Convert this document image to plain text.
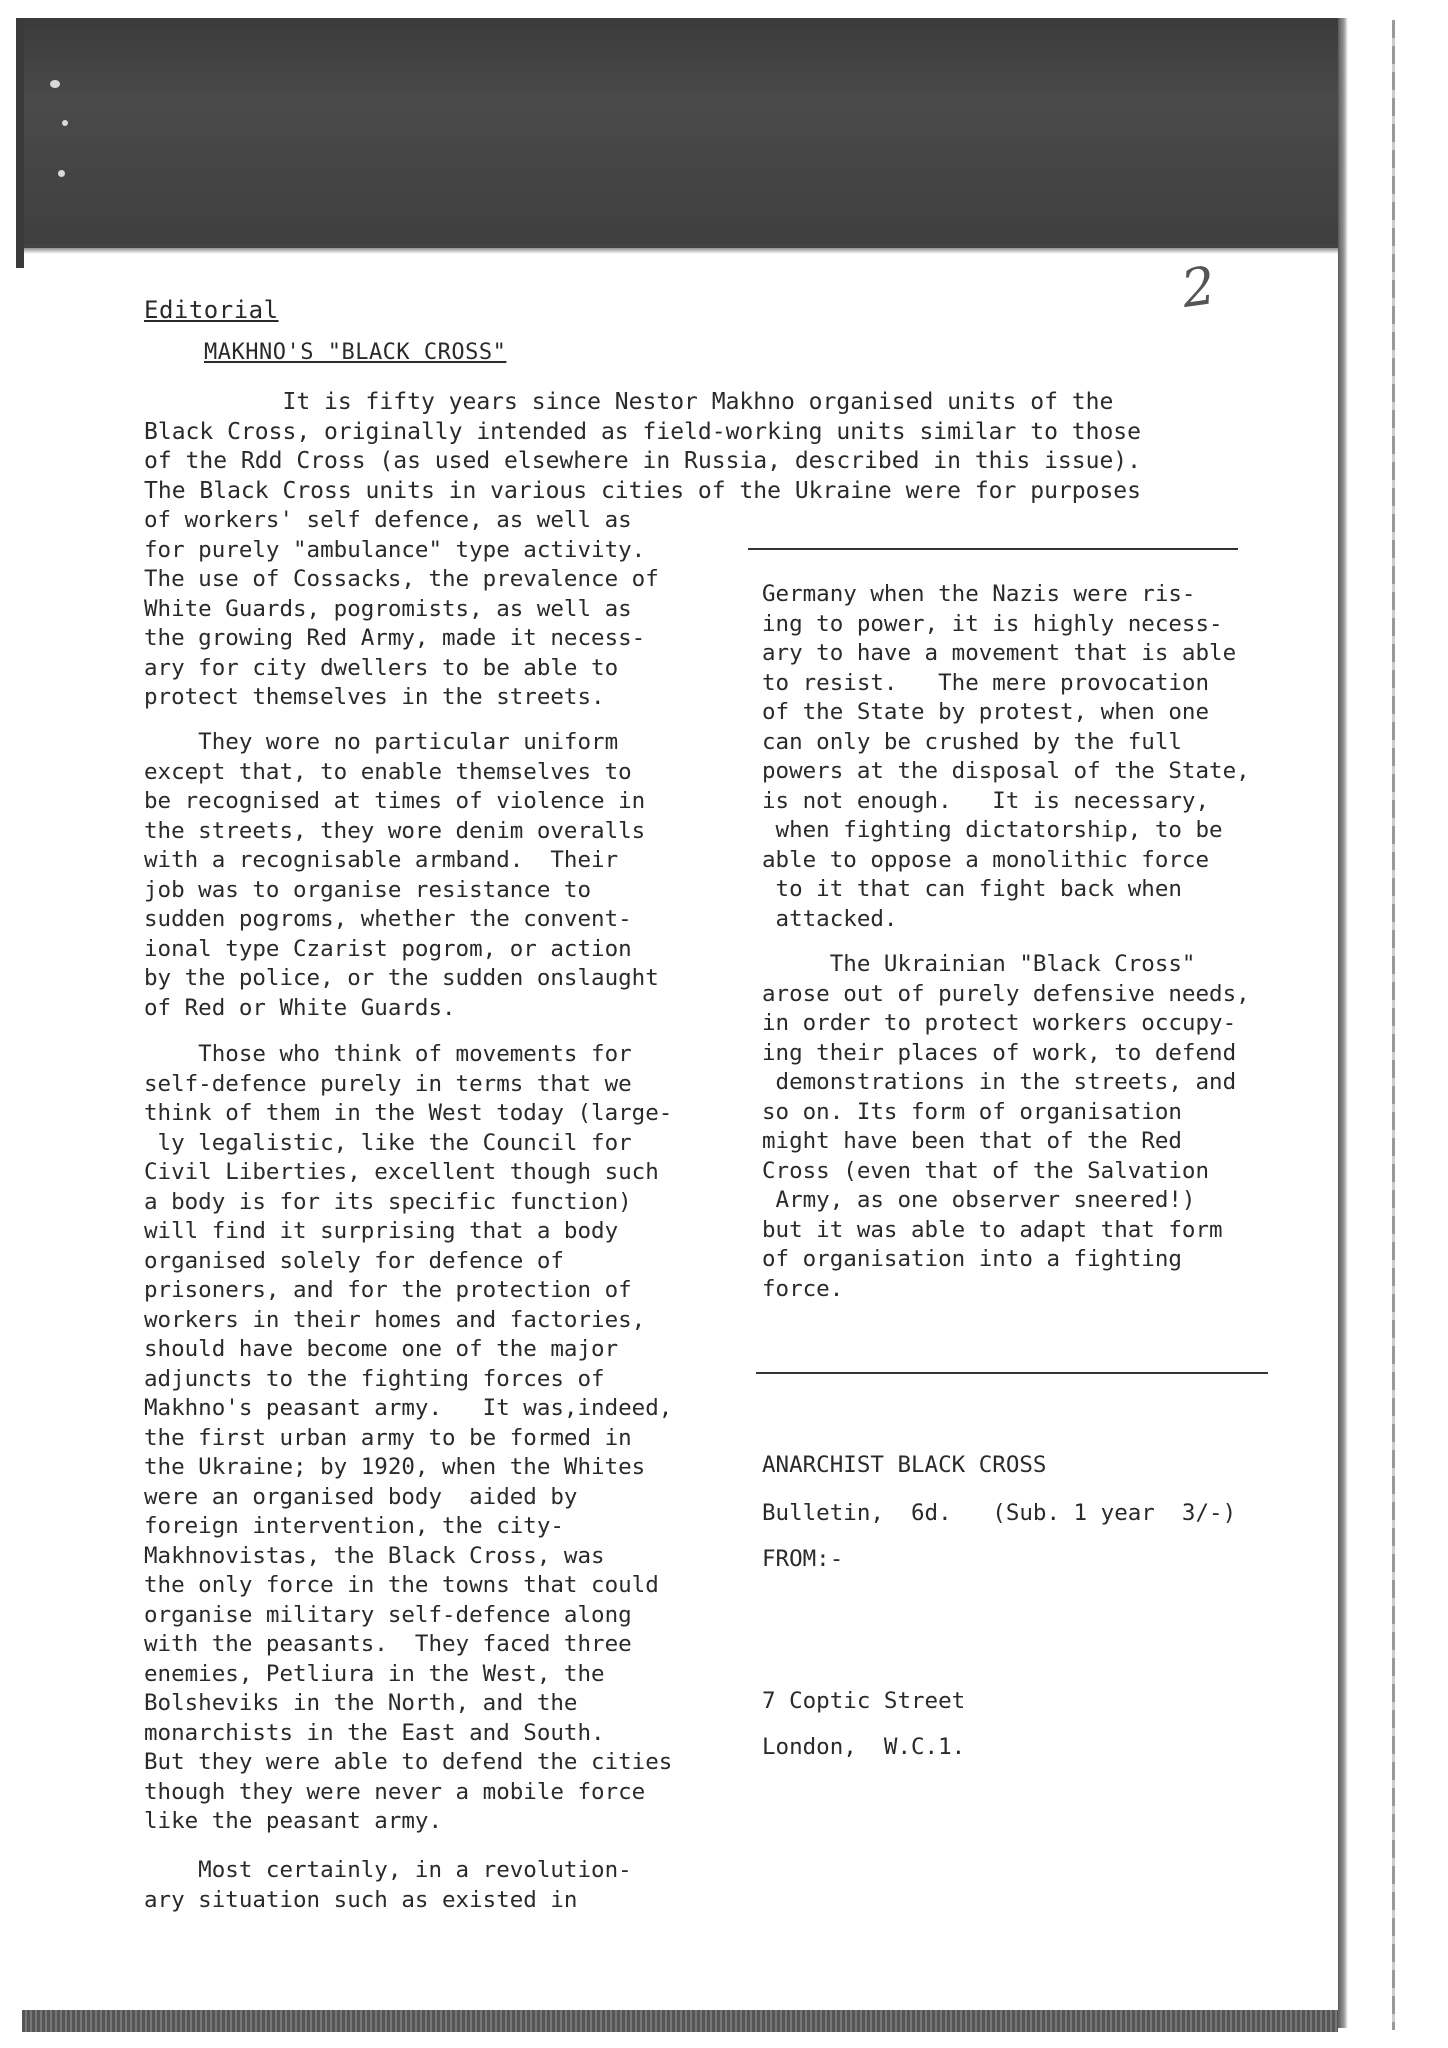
2
Editorial
MAKHNO'S "BLACK CROSS"
It is fifty years since Nestor Makhno organised units of the
Black Cross, originally intended as field-working units similar to those
of the Rdd Cross (as used elsewhere in Russia, described in this issue).
The Black Cross units in various cities of the Ukraine were for purposes
of workers' self defence, as well as
for purely "ambulance" type activity.
The use of Cossacks, the prevalence of
White Guards, pogromists, as well as
the growing Red Army, made it necess-
ary for city dwellers to be able to
protect themselves in the streets.
They wore no particular uniform
except that, to enable themselves to
be recognised at times of violence in
the streets, they wore denim overalls
with a recognisable armband.  Their
job was to organise resistance to
sudden pogroms, whether the convent-
ional type Czarist pogrom, or action
by the police, or the sudden onslaught
of Red or White Guards.
Those who think of movements for
self-defence purely in terms that we
think of them in the West today (large-
ly legalistic, like the Council for
Civil Liberties, excellent though such
a body is for its specific function)
will find it surprising that a body
organised solely for defence of
prisoners, and for the protection of
workers in their homes and factories,
should have become one of the major
adjuncts to the fighting forces of
Makhno's peasant army.   It was,indeed,
the first urban army to be formed in
the Ukraine; by 1920, when the Whites
were an organised body  aided by
foreign intervention, the city-
Makhnovistas, the Black Cross, was
the only force in the towns that could
organise military self-defence along
with the peasants.  They faced three
enemies, Petliura in the West, the
Bolsheviks in the North, and the
monarchists in the East and South.
But they were able to defend the cities
though they were never a mobile force
like the peasant army.
Most certainly, in a revolution-
ary situation such as existed in
Germany when the Nazis were ris-
ing to power, it is highly necess-
ary to have a movement that is able
to resist.   The mere provocation
of the State by protest, when one
can only be crushed by the full
powers at the disposal of the State,
is not enough.   It is necessary,
when fighting dictatorship, to be
able to oppose a monolithic force
to it that can fight back when
attacked.
The Ukrainian "Black Cross"
arose out of purely defensive needs,
in order to protect workers occupy-
ing their places of work, to defend
demonstrations in the streets, and
so on. Its form of organisation
might have been that of the Red
Cross (even that of the Salvation
Army, as one observer sneered!)
but it was able to adapt that form
of organisation into a fighting
force.
ANARCHIST BLACK CROSS
Bulletin,  6d.   (Sub. 1 year  3/-)
FROM:-
7 Coptic Street
London,  W.C.1.
